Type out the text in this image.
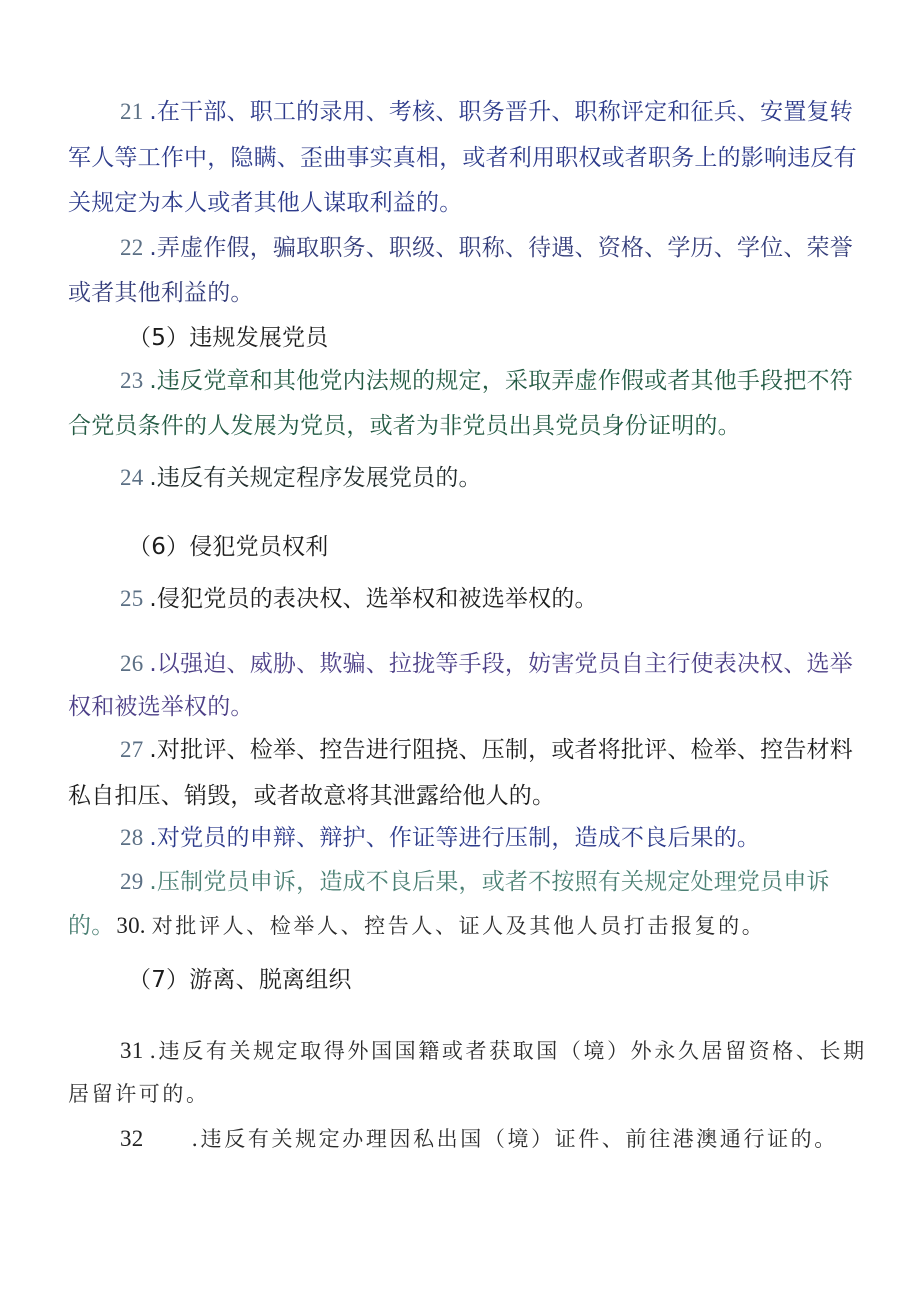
21 .在干部、职工的录用、考核、职务晋升、职称评定和征兵、安置复转
军人等工作中，隐瞒、歪曲事实真相，或者利用职权或者职务上的影响违反有
关规定为本人或者其他人谋取利益的。
22 .弄虚作假，骗取职务、职级、职称、待遇、资格、学历、学位、荣誉
或者其他利益的。
（5）违规发展党员
23 .违反党章和其他党内法规的规定，采取弄虚作假或者其他手段把不符
合党员条件的人发展为党员，或者为非党员出具党员身份证明的。
24 .违反有关规定程序发展党员的。
（6）侵犯党员权利
25 .侵犯党员的表决权、选举权和被选举权的。
26 .以强迫、威胁、欺骗、拉拢等手段，妨害党员自主行使表决权、选举
权和被选举权的。
27 .对批评、检举、控告进行阻挠、压制，或者将批评、检举、控告材料
私自扣压、销毁，或者故意将其泄露给他人的。
28 .对党员的申辩、辩护、作证等进行压制，造成不良后果的。
29 .压制党员申诉，造成不良后果，或者不按照有关规定处理党员申诉
的。30. 对批评人、检举人、控告人、证人及其他人员打击报复的。
（7）游离、脱离组织
31 .违反有关规定取得外国国籍或者获取国（境）外永久居留资格、长期
居留许可的。
32 .违反有关规定办理因私出国（境）证件、前往港澳通行证的。
